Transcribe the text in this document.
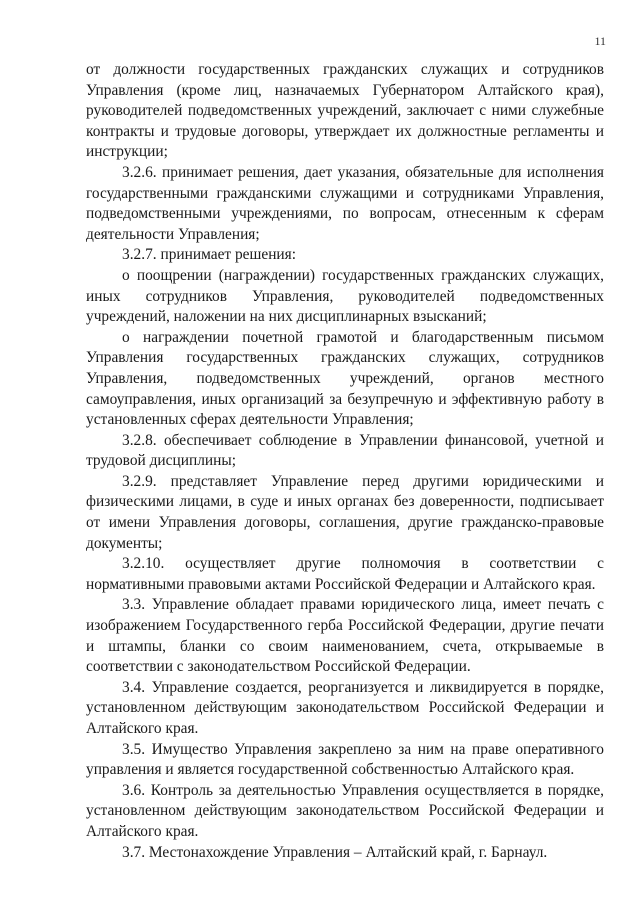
11

от должности государственных гражданских служащих и сотрудников Управления (кроме лиц, назначаемых Губернатором Алтайского края), руководителей подведомственных учреждений, заключает с ними служебные контракты и трудовые договоры, утверждает их должностные регламенты и инструкции;

3.2.6. принимает решения, дает указания, обязательные для исполнения государственными гражданскими служащими и сотрудниками Управления, подведомственными учреждениями, по вопросам, отнесенным к сферам деятельности Управления;

3.2.7. принимает решения:

о поощрении (награждении) государственных гражданских служащих, иных сотрудников Управления, руководителей подведомственных учреждений, наложении на них дисциплинарных взысканий;

о награждении почетной грамотой и благодарственным письмом Управления государственных гражданских служащих, сотрудников Управления, подведомственных учреждений, органов местного самоуправления, иных организаций за безупречную и эффективную работу в установленных сферах деятельности Управления;

3.2.8. обеспечивает соблюдение в Управлении финансовой, учетной и трудовой дисциплины;

3.2.9. представляет Управление перед другими юридическими и физическими лицами, в суде и иных органах без доверенности, подписывает от имени Управления договоры, соглашения, другие гражданско-правовые документы;

3.2.10. осуществляет другие полномочия в соответствии с нормативными правовыми актами Российской Федерации и Алтайского края.

3.3. Управление обладает правами юридического лица, имеет печать с изображением Государственного герба Российской Федерации, другие печати и штампы, бланки со своим наименованием, счета, открываемые в соответствии с законодательством Российской Федерации.

3.4. Управление создается, реорганизуется и ликвидируется в порядке, установленном действующим законодательством Российской Федерации и Алтайского края.

3.5. Имущество Управления закреплено за ним на праве оперативного управления и является государственной собственностью Алтайского края.

3.6. Контроль за деятельностью Управления осуществляется в порядке, установленном действующим законодательством Российской Федерации и Алтайского края.

3.7. Местонахождение Управления – Алтайский край, г. Барнаул.
